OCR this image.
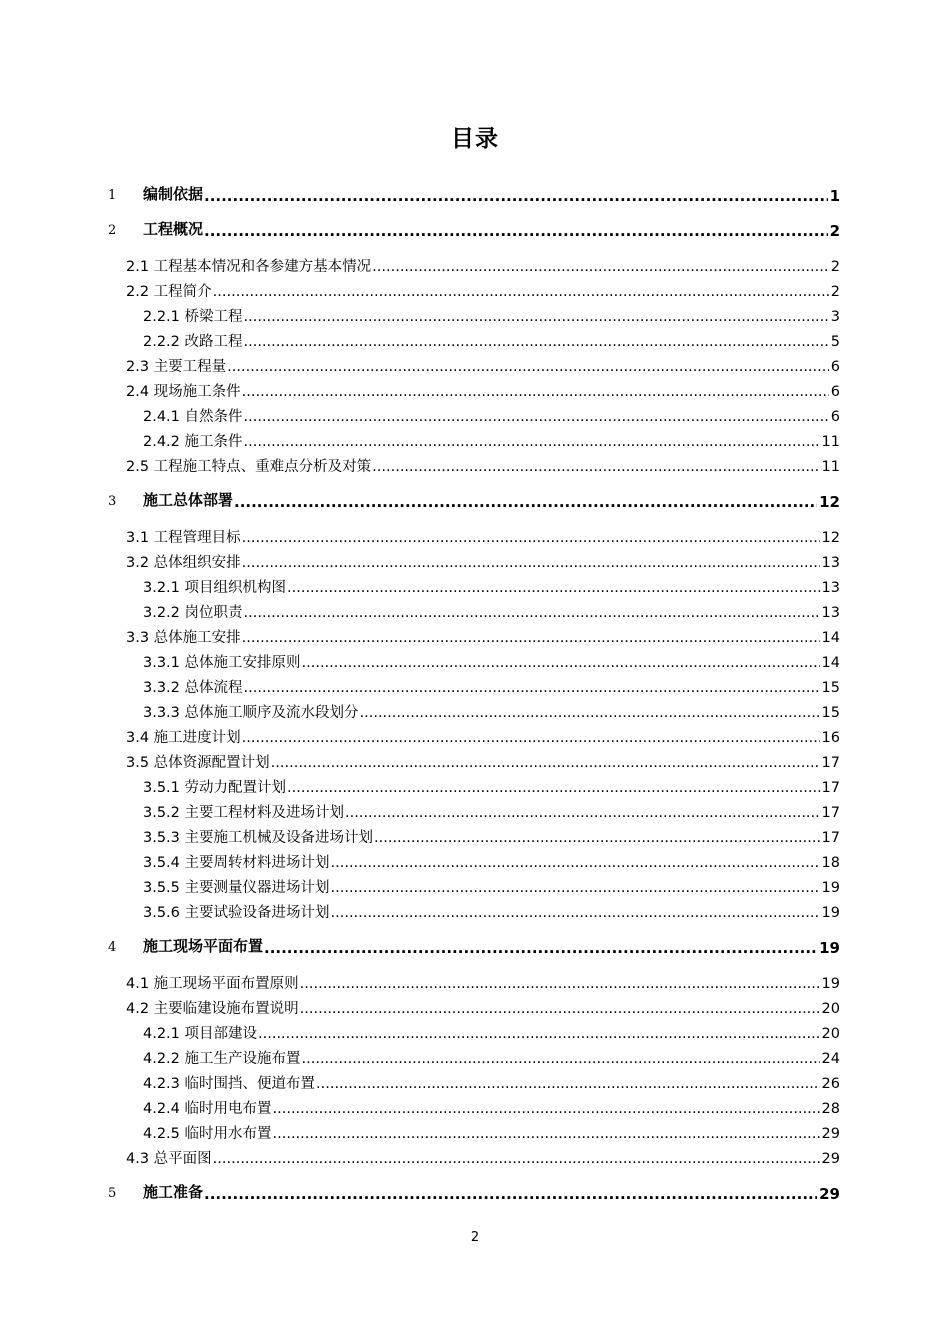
目录
1 编制依据 .....	1
2 工程概况 .....	2
2.1 工程基本情况和各参建方基本情况 .....	2
2.2 工程简介 .....	2
2.2.1 桥梁工程 .....	3
2.2.2 改路工程 .....	5
2.3 主要工程量 .....	6
2.4 现场施工条件 .....	6
2.4.1 自然条件 .....	6
2.4.2 施工条件 .....	11
2.5 工程施工特点、重难点分析及对策 .....	11
3 施工总体部署 .....	12
3.1 工程管理目标 .....	12
3.2 总体组织安排 .....	13
3.2.1 项目组织机构图 .....	13
3.2.2 岗位职责 .....	13
3.3 总体施工安排 .....	14
3.3.1 总体施工安排原则 .....	14
3.3.2 总体流程 .....	15
3.3.3 总体施工顺序及流水段划分 .....	15
3.4 施工进度计划 .....	16
3.5 总体资源配置计划 .....	17
3.5.1 劳动力配置计划 .....	17
3.5.2 主要工程材料及进场计划 .....	17
3.5.3 主要施工机械及设备进场计划 .....	17
3.5.4 主要周转材料进场计划 .....	18
3.5.5 主要测量仪器进场计划 .....	19
3.5.6 主要试验设备进场计划 .....	19
4 施工现场平面布置 .....	19
4.1 施工现场平面布置原则 .....	19
4.2 主要临建设施布置说明 .....	20
4.2.1 项目部建设 .....	20
4.2.2 施工生产设施布置 .....	24
4.2.3 临时围挡、便道布置 .....	26
4.2.4 临时用电布置 .....	28
4.2.5 临时用水布置 .....	29
4.3 总平面图 .....	29
5 施工准备 .....	29
2
